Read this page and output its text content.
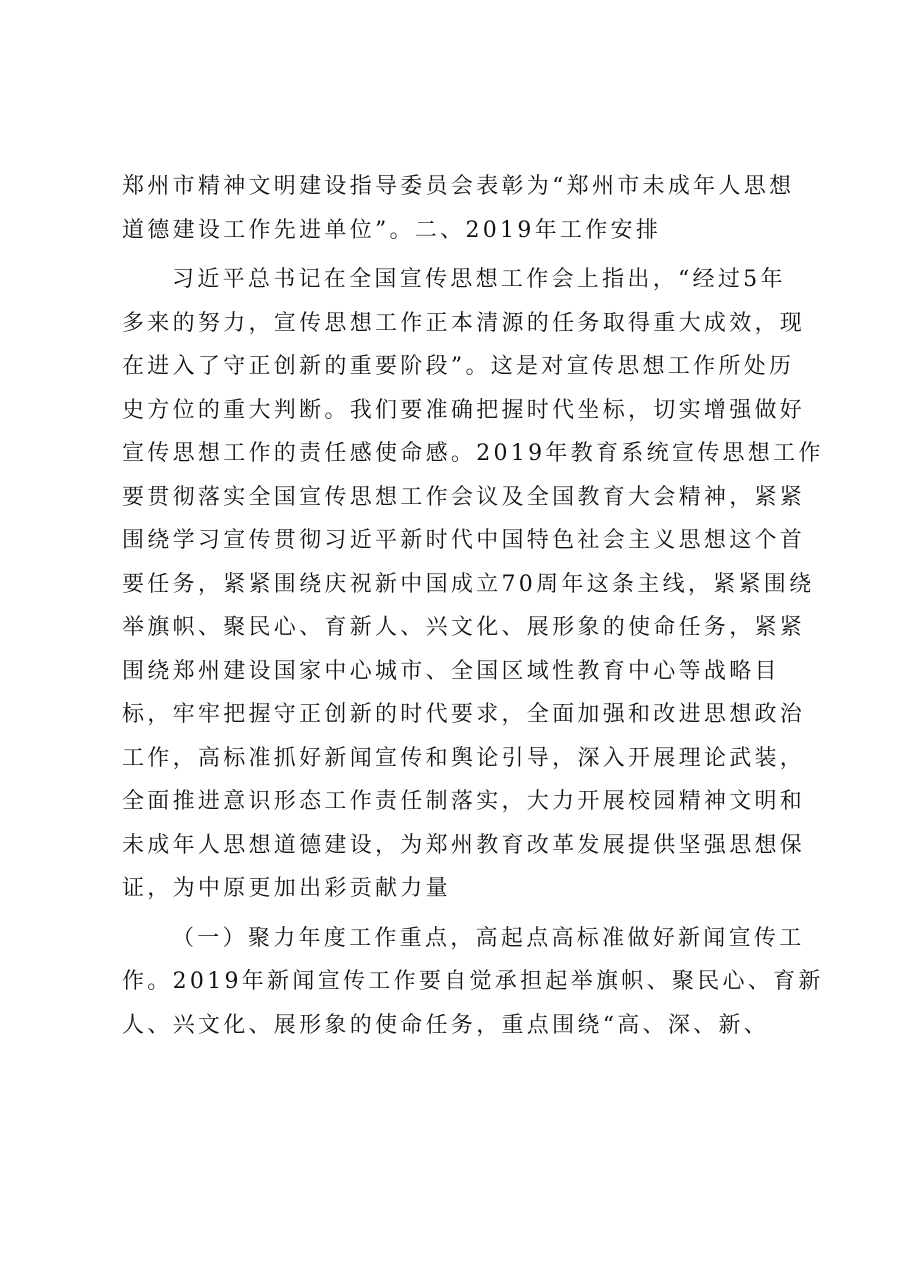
郑州市精神文明建设指导委员会表彰为“郑州市未成年人思想
道德建设工作先进单位”。二、2019年工作安排
习近平总书记在全国宣传思想工作会上指出，“经过5年
多来的努力，宣传思想工作正本清源的任务取得重大成效，现
在进入了守正创新的重要阶段”。这是对宣传思想工作所处历
史方位的重大判断。我们要准确把握时代坐标，切实增强做好
宣传思想工作的责任感使命感。2019年教育系统宣传思想工作
要贯彻落实全国宣传思想工作会议及全国教育大会精神，紧紧
围绕学习宣传贯彻习近平新时代中国特色社会主义思想这个首
要任务，紧紧围绕庆祝新中国成立70周年这条主线，紧紧围绕
举旗帜、聚民心、育新人、兴文化、展形象的使命任务，紧紧
围绕郑州建设国家中心城市、全国区域性教育中心等战略目
标，牢牢把握守正创新的时代要求，全面加强和改进思想政治
工作，高标准抓好新闻宣传和舆论引导，深入开展理论武装，
全面推进意识形态工作责任制落实，大力开展校园精神文明和
未成年人思想道德建设，为郑州教育改革发展提供坚强思想保
证，为中原更加出彩贡献力量
（一）聚力年度工作重点，高起点高标准做好新闻宣传工
作。2019年新闻宣传工作要自觉承担起举旗帜、聚民心、育新
人、兴文化、展形象的使命任务，重点围绕“高、深、新、
